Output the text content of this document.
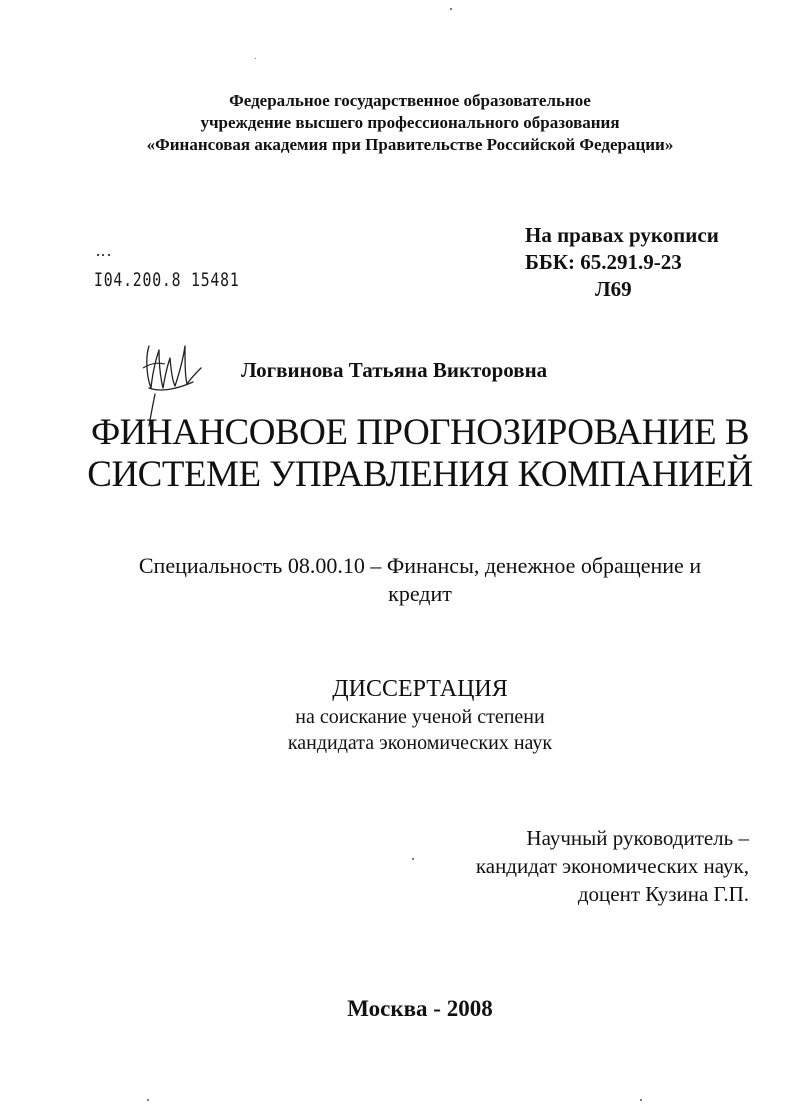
Федеральное государственное образовательное
учреждение высшего профессионального образования
«Финансовая академия при Правительстве Российской Федерации»
На правах рукописи
ББК: 65.291.9-23
Л69
I04.200.8 15481
Логвинова Татьяна Викторовна
ФИНАНСОВОЕ ПРОГНОЗИРОВАНИЕ В
СИСТЕМЕ УПРАВЛЕНИЯ КОМПАНИЕЙ
Специальность 08.00.10 – Финансы, денежное обращение и
кредит
ДИССЕРТАЦИЯ
на соискание ученой степени
кандидата экономических наук
Научный руководитель –
кандидат экономических наук,
доцент Кузина Г.П.
Москва - 2008
